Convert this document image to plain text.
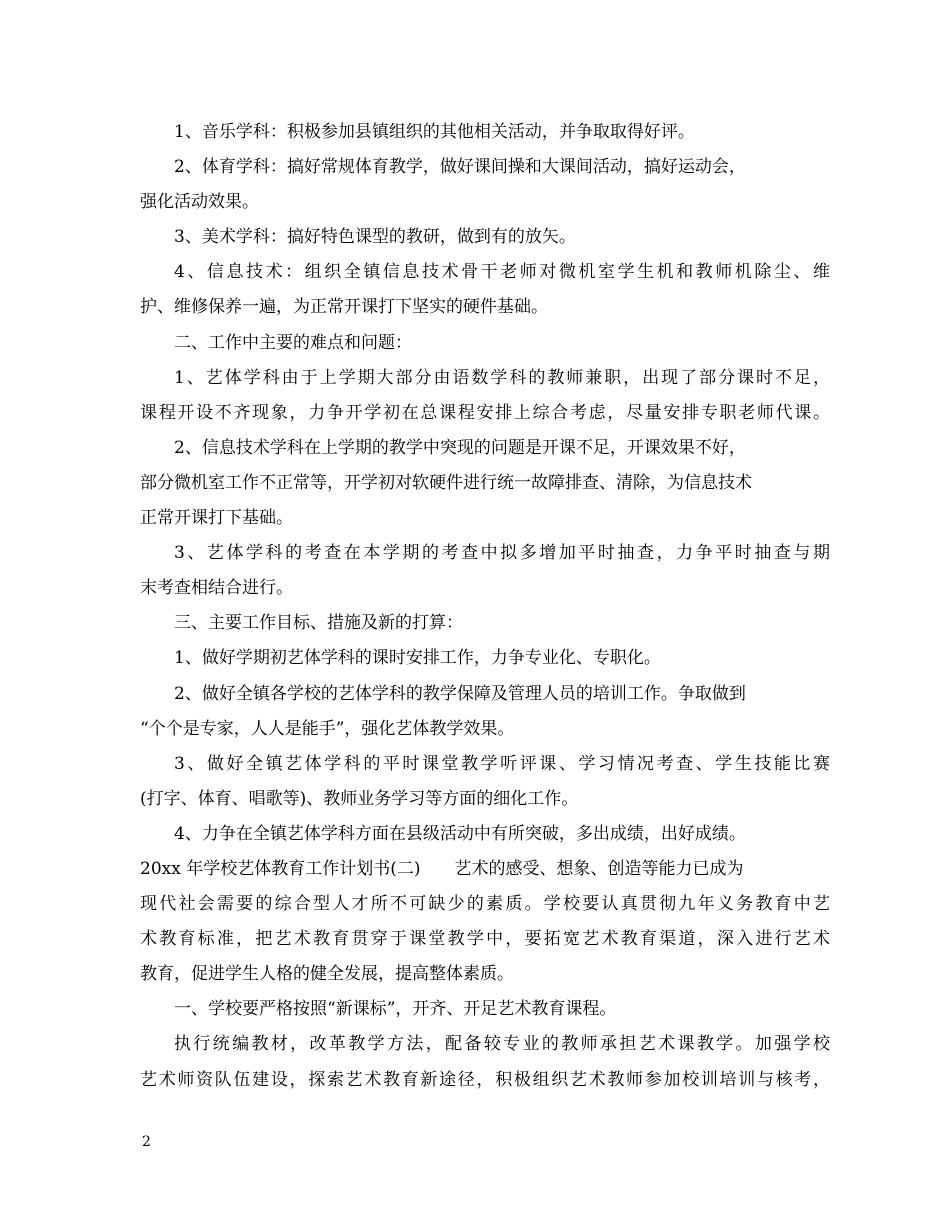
1、音乐学科：积极参加县镇组织的其他相关活动，并争取取得好评。
2、体育学科：搞好常规体育教学，做好课间操和大课间活动，搞好运动会，
强化活动效果。
3、美术学科：搞好特色课型的教研，做到有的放矢。
4、信息技术：组织全镇信息技术骨干老师对微机室学生机和教师机除尘、维
护、维修保养一遍，为正常开课打下坚实的硬件基础。
二、工作中主要的难点和问题：
1、艺体学科由于上学期大部分由语数学科的教师兼职，出现了部分课时不足，
课程开设不齐现象，力争开学初在总课程安排上综合考虑，尽量安排专职老师代课。
2、信息技术学科在上学期的教学中突现的问题是开课不足，开课效果不好，
部分微机室工作不正常等，开学初对软硬件进行统一故障排查、清除，为信息技术
正常开课打下基础。
3、艺体学科的考查在本学期的考查中拟多增加平时抽查，力争平时抽查与期
末考查相结合进行。
三、主要工作目标、措施及新的打算：
1、做好学期初艺体学科的课时安排工作，力争专业化、专职化。
2、做好全镇各学校的艺体学科的教学保障及管理人员的培训工作。争取做到
“个个是专家，人人是能手”，强化艺体教学效果。
3、做好全镇艺体学科的平时课堂教学听评课、学习情况考查、学生技能比赛
(打字、体育、唱歌等)、教师业务学习等方面的细化工作。
4、力争在全镇艺体学科方面在县级活动中有所突破，多出成绩，出好成绩。
20xx 年学校艺体教育工作计划书(二)　　艺术的感受、想象、创造等能力已成为
现代社会需要的综合型人才所不可缺少的素质。学校要认真贯彻九年义务教育中艺
术教育标准，把艺术教育贯穿于课堂教学中，要拓宽艺术教育渠道，深入进行艺术
教育，促进学生人格的健全发展，提高整体素质。
一、学校要严格按照“新课标”，开齐、开足艺术教育课程。
执行统编教材，改革教学方法，配备较专业的教师承担艺术课教学。加强学校
艺术师资队伍建设，探索艺术教育新途径，积极组织艺术教师参加校训培训与核考，
2
